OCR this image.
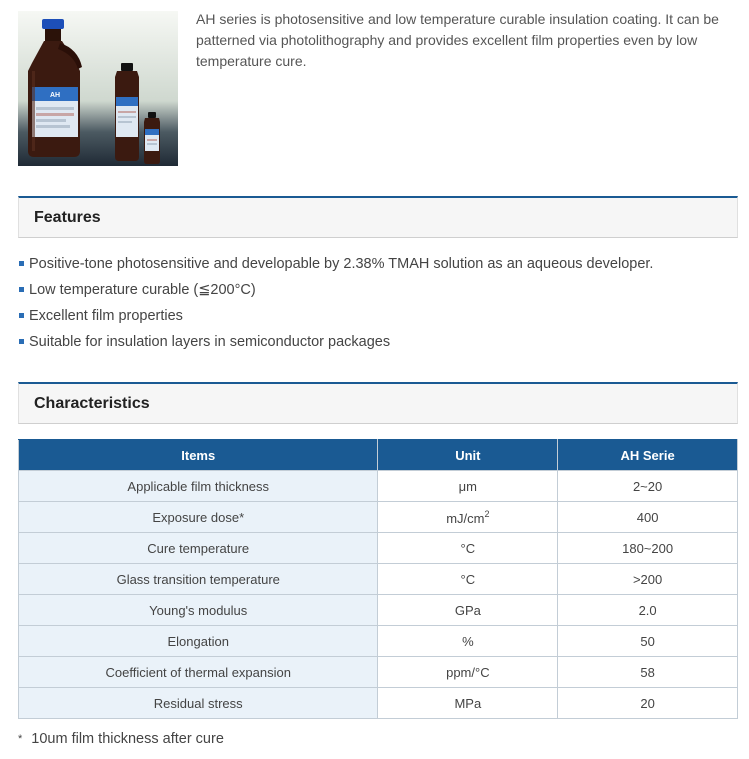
AH

AH series is photosensitive and low temperature curable insulation coating. It can be patterned via photolithography and provides excellent film properties even by low temperature cure.

Features
Positive-tone photosensitive and developable by 2.38% TMAH solution as an aqueous developer.
Low temperature curable (≦200°C)
Excellent film properties
Suitable for insulation layers in semiconductor packages
Characteristics
Items	Unit	AH Serie
Applicable film thickness	μm	2~20
Exposure dose*	$mJ/cm^2$	400
Cure temperature	°C	180~200
Glass transition temperature	°C	>200
Young's modulus	GPa	2.0
Elongation	%	50
Coefficient of thermal expansion	ppm/°C	58
Residual stress	MPa	20
* 10um film thickness after cure
